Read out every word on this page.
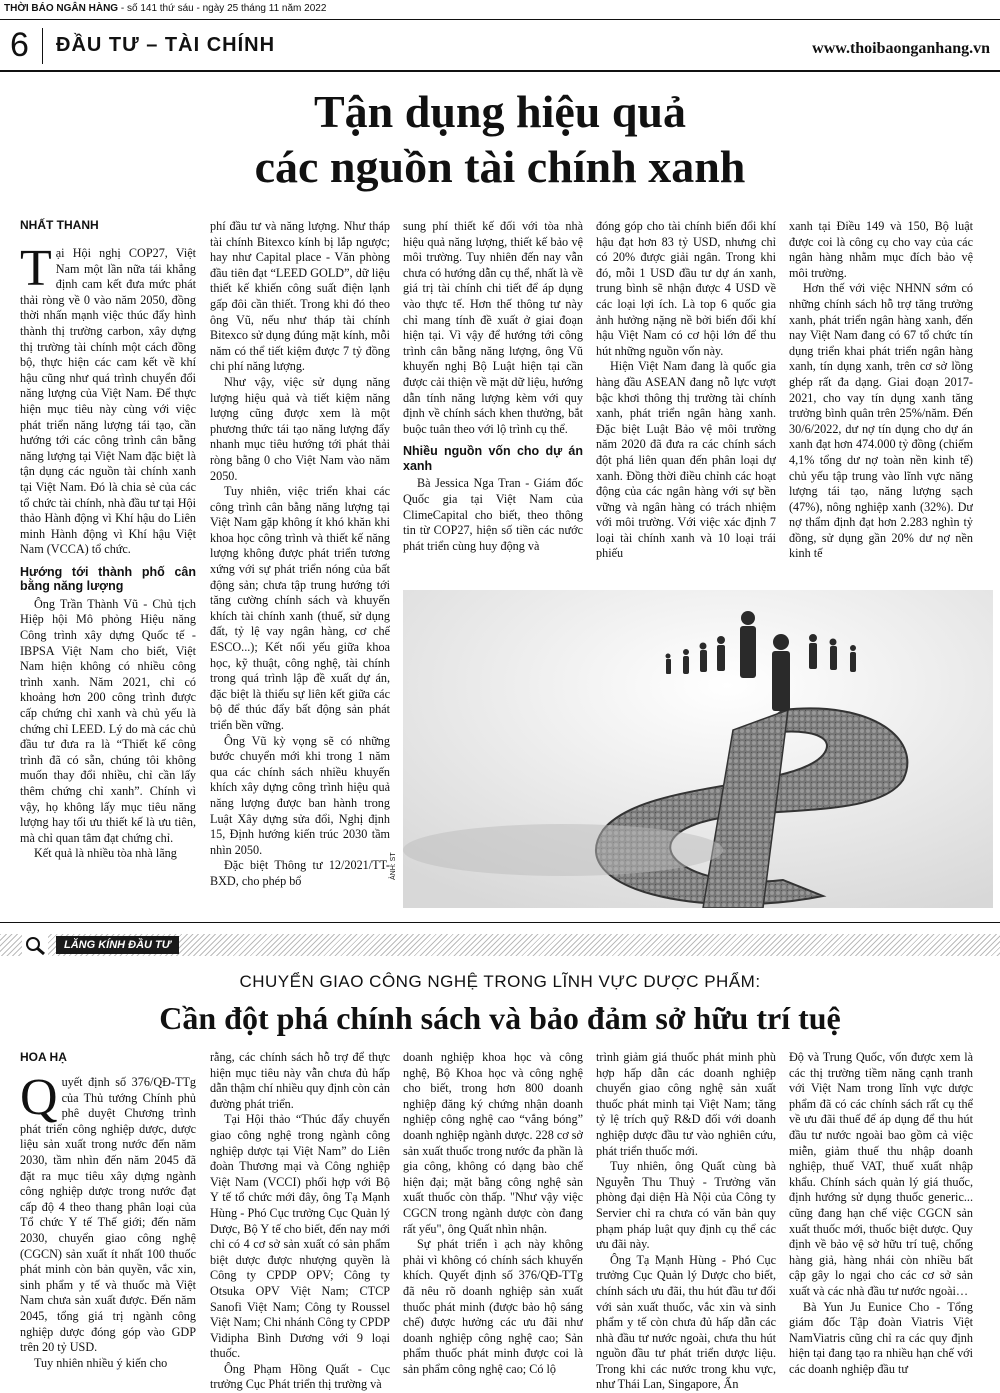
THỜI BÁO NGÂN HÀNG - số 141 thứ sáu - ngày 25 tháng 11 năm 2022
6 ĐẦU TƯ – TÀI CHÍNH	www.thoibaonganhang.vn
Tận dụng hiệu quả
các nguồn tài chính xanh
NHẤT THANH

Tại Hội nghị COP27, Việt Nam một lần nữa tái khẳng định cam kết đưa mức phát thải ròng về 0 vào năm 2050, đồng thời nhấn mạnh việc thúc đẩy hình thành thị trường carbon, xây dựng thị trường tài chính một cách đồng bộ, thực hiện các cam kết về khí hậu cũng như quá trình chuyển đổi năng lượng của Việt Nam. Để thực hiện mục tiêu này cùng với việc phát triển năng lượng tái tạo, cần hướng tới các công trình cân bằng năng lượng tại Việt Nam đặc biệt là tận dụng các nguồn tài chính xanh tại Việt Nam. Đó là chia sẻ của các tổ chức tài chính, nhà đầu tư tại Hội thảo Hành động vì Khí hậu do Liên minh Hành động vì Khí hậu Việt Nam (VCCA) tổ chức.

Hướng tới thành phố cân bằng năng lượng

Ông Trần Thành Vũ - Chủ tịch Hiệp hội Mô phỏng Hiệu năng Công trình xây dựng Quốc tế - IBPSA Việt Nam cho biết, Việt Nam hiện không có nhiều công trình xanh. Năm 2021, chỉ có khoảng hơn 200 công trình được cấp chứng chỉ xanh và chủ yếu là chứng chỉ LEED. Lý do mà các chủ đầu tư đưa ra là “Thiết kế công trình đã có sẵn, chúng tôi không muốn thay đổi nhiều, chỉ cần lấy thêm chứng chỉ xanh”. Chính vì vậy, họ không lấy mục tiêu năng lượng hay tối ưu thiết kế là ưu tiên, mà chỉ quan tâm đạt chứng chỉ.

Kết quả là nhiều tòa nhà lãng

phí đầu tư và năng lượng. Như tháp tài chính Bitexco kính bị lắp ngược; hay như Capital place - Văn phòng đầu tiên đạt “LEED GOLD”, dữ liệu thiết kế khiến công suất điện lạnh gấp đôi cần thiết. Trong khi đó theo ông Vũ, nếu như tháp tài chính Bitexco sử dụng đúng mặt kính, mỗi năm có thể tiết kiệm được 7 tỷ đồng chi phí năng lượng.

Như vậy, việc sử dụng năng lượng hiệu quả và tiết kiệm năng lượng cũng được xem là một phương thức tái tạo năng lượng đẩy nhanh mục tiêu hướng tới phát thải ròng bằng 0 cho Việt Nam vào năm 2050.

Tuy nhiên, việc triển khai các công trình cân bằng năng lượng tại Việt Nam gặp không ít khó khăn khi khoa học công trình và thiết kế năng lượng không được phát triển tương xứng với sự phát triển nóng của bất động sản; chưa tập trung hướng tới tăng cường chính sách và khuyến khích tài chính xanh (thuế, sử dụng đất, tỷ lệ vay ngân hàng, cơ chế ESCO...); Kết nối yếu giữa khoa học, kỹ thuật, công nghệ, tài chính trong quá trình lập đề xuất dự án, đặc biệt là thiếu sự liên kết giữa các bộ để thúc đẩy bất động sản phát triển bền vững.

Ông Vũ kỳ vọng sẽ có những bước chuyển mới khi trong 1 năm qua các chính sách nhiều khuyến khích xây dựng công trình hiệu quả năng lượng được ban hành trong Luật Xây dựng sửa đổi, Nghị định 15, Định hướng kiến trúc 2030 tầm nhìn 2050.

Đặc biệt Thông tư 12/2021/TT-BXD, cho phép bổ

sung phí thiết kế đối với tòa nhà hiệu quả năng lượng, thiết kế bảo vệ môi trường. Tuy nhiên đến nay vẫn chưa có hướng dẫn cụ thể, nhất là về giá trị tài chính chi tiết để áp dụng vào thực tế. Hơn thế thông tư này chỉ mang tính đề xuất ở giai đoạn hiện tại. Vì vậy để hướng tới công trình cân bằng năng lượng, ông Vũ khuyến nghị Bộ Luật hiện tại cần được cải thiện về mặt dữ liệu, hướng dẫn tính năng lượng kèm với quy định về chính sách khen thưởng, bắt buộc tuân theo với lộ trình cụ thể.

Nhiều nguồn vốn cho dự án xanh

Bà Jessica Nga Tran - Giám đốc Quốc gia tại Việt Nam của ClimeCapital cho biết, theo thông tin từ COP27, hiện số tiền các nước phát triển cùng huy động và

đóng góp cho tài chính biến đổi khí hậu đạt hơn 83 tỷ USD, nhưng chỉ có 20% được giải ngân. Trong khi đó, mỗi 1 USD đầu tư dự án xanh, trung bình sẽ nhận được 4 USD về các loại lợi ích. Là top 6 quốc gia ảnh hưởng nặng nề bởi biến đổi khí hậu Việt Nam có cơ hội lớn để thu hút những nguồn vốn này.

Hiện Việt Nam đang là quốc gia hàng đầu ASEAN đang nỗ lực vượt bậc khơi thông thị trường tài chính xanh, phát triển ngân hàng xanh. Đặc biệt Luật Bảo vệ môi trường năm 2020 đã đưa ra các chính sách đột phá liên quan đến phân loại dự xanh. Đồng thời điều chỉnh các hoạt động của các ngân hàng với sự bền vững và ngân hàng có trách nhiệm với môi trường. Với việc xác định 7 loại tài chính xanh và 10 loại trái phiếu

xanh tại Điều 149 và 150, Bộ luật được coi là công cụ cho vay của các ngân hàng nhằm mục đích bảo vệ môi trường.

Hơn thế với việc NHNN sớm có những chính sách hỗ trợ tăng trưởng xanh, phát triển ngân hàng xanh, đến nay Việt Nam đang có 67 tổ chức tín dụng triển khai phát triển ngân hàng xanh, tín dụng xanh, trên cơ sở lồng ghép rất đa dạng. Giai đoạn 2017-2021, cho vay tín dụng xanh tăng trưởng bình quân trên 25%/năm. Đến 30/6/2022, dư nợ tín dụng cho dự án xanh đạt hơn 474.000 tỷ đồng (chiếm 4,1% tổng dư nợ toàn nền kinh tế) chủ yếu tập trung vào lĩnh vực năng lượng tái tạo, năng lượng sạch (47%), nông nghiệp xanh (32%). Dư nợ thẩm định đạt hơn 2.283 nghìn tỷ đồng, sử dụng gần 20% dư nợ nền kinh tế

ẢNH: ST
LĂNG KÍNH ĐẦU TƯ
CHUYỂN GIAO CÔNG NGHỆ TRONG LĨNH VỰC DƯỢC PHẨM:
Cần đột phá chính sách và bảo đảm sở hữu trí tuệ
HOA HẠ

Quyết định số 376/QĐ-TTg của Thủ tướng Chính phủ phê duyệt Chương trình phát triển công nghiệp dược, dược liệu sản xuất trong nước đến năm 2030, tầm nhìn đến năm 2045 đã đặt ra mục tiêu xây dựng ngành công nghiệp dược trong nước đạt cấp độ 4 theo thang phân loại của Tổ chức Y tế Thế giới; đến năm 2030, chuyển giao công nghệ (CGCN) sản xuất ít nhất 100 thuốc phát minh còn bản quyền, vắc xin, sinh phẩm y tế và thuốc mà Việt Nam chưa sản xuất được. Đến năm 2045, tổng giá trị ngành công nghiệp dược đóng góp vào GDP trên 20 tỷ USD.

Tuy nhiên nhiều ý kiến cho

rằng, các chính sách hỗ trợ để thực hiện mục tiêu này vẫn chưa đủ hấp dẫn thậm chí nhiều quy định còn cản đường phát triển.

Tại Hội thảo “Thúc đẩy chuyển giao công nghệ trong ngành công nghiệp dược tại Việt Nam” do Liên đoàn Thương mại và Công nghiệp Việt Nam (VCCI) phối hợp với Bộ Y tế tổ chức mới đây, ông Tạ Mạnh Hùng - Phó Cục trưởng Cục Quản lý Dược, Bộ Y tế cho biết, đến nay mới chỉ có 4 cơ sở sản xuất có sản phẩm biệt dược được nhượng quyền là Công ty CPDP OPV; Công ty Otsuka OPV Việt Nam; CTCP Sanofi Việt Nam; Công ty Roussel Việt Nam; Chi nhánh Công ty CPDP Vidipha Bình Dương với 9 loại thuốc.

Ông Phạm Hồng Quất - Cục trưởng Cục Phát triển thị trường và

doanh nghiệp khoa học và công nghệ, Bộ Khoa học và công nghệ cho biết, trong hơn 800 doanh nghiệp đăng ký chứng nhận doanh nghiệp công nghệ cao “vắng bóng” doanh nghiệp ngành dược. 228 cơ sở sản xuất thuốc trong nước đa phần là gia công, không có dạng bào chế hiện đại; mặt bằng công nghệ sản xuất thuốc còn thấp. "Như vậy việc CGCN trong ngành dược còn đang rất yếu", ông Quất nhìn nhận.

Sự phát triển ì ạch này không phải vì không có chính sách khuyến khích. Quyết định số 376/QĐ-TTg đã nêu rõ doanh nghiệp sản xuất thuốc phát minh (được bảo hộ sáng chế) được hưởng các ưu đãi như doanh nghiệp công nghệ cao; Sản phẩm thuốc phát minh được coi là sản phẩm công nghệ cao; Có lộ

trình giảm giá thuốc phát minh phù hợp hấp dẫn các doanh nghiệp chuyển giao công nghệ sản xuất thuốc phát minh tại Việt Nam; tăng tỷ lệ trích quỹ R&D đối với doanh nghiệp dược đầu tư vào nghiên cứu, phát triển thuốc mới.

Tuy nhiên, ông Quất cùng bà Nguyễn Thu Thuỷ - Trưởng văn phòng đại diện Hà Nội của Công ty Servier chỉ ra chưa có văn bản quy phạm pháp luật quy định cụ thể các ưu đãi này.

Ông Tạ Mạnh Hùng - Phó Cục trưởng Cục Quản lý Dược cho biết, chính sách ưu đãi, thu hút đầu tư đối với sản xuất thuốc, vắc xin và sinh phẩm y tế còn chưa đủ hấp dẫn các nhà đầu tư nước ngoài, chưa thu hút nguồn đầu tư phát triển dược liệu. Trong khi các nước trong khu vực, như Thái Lan, Singapore, Ấn

Độ và Trung Quốc, vốn được xem là các thị trường tiềm năng cạnh tranh với Việt Nam trong lĩnh vực dược phẩm đã có các chính sách rất cụ thể về ưu đãi thuế để áp dụng để thu hút đầu tư nước ngoài bao gồm cả việc miễn, giảm thuế thu nhập doanh nghiệp, thuế VAT, thuế xuất nhập khẩu. Chính sách quản lý giá thuốc, định hướng sử dụng thuốc generic... cũng đang hạn chế việc CGCN sản xuất thuốc mới, thuốc biệt dược. Quy định về bảo vệ sở hữu trí tuệ, chống hàng giả, hàng nhái còn nhiều bất cập gây lo ngại cho các cơ sở sản xuất và các nhà đầu tư nước ngoài…

Bà Yun Ju Eunice Cho - Tổng giám đốc Tập đoàn Viatris Việt NamViatris cũng chỉ ra các quy định hiện tại đang tạo ra nhiều hạn chế với các doanh nghiệp đầu tư
